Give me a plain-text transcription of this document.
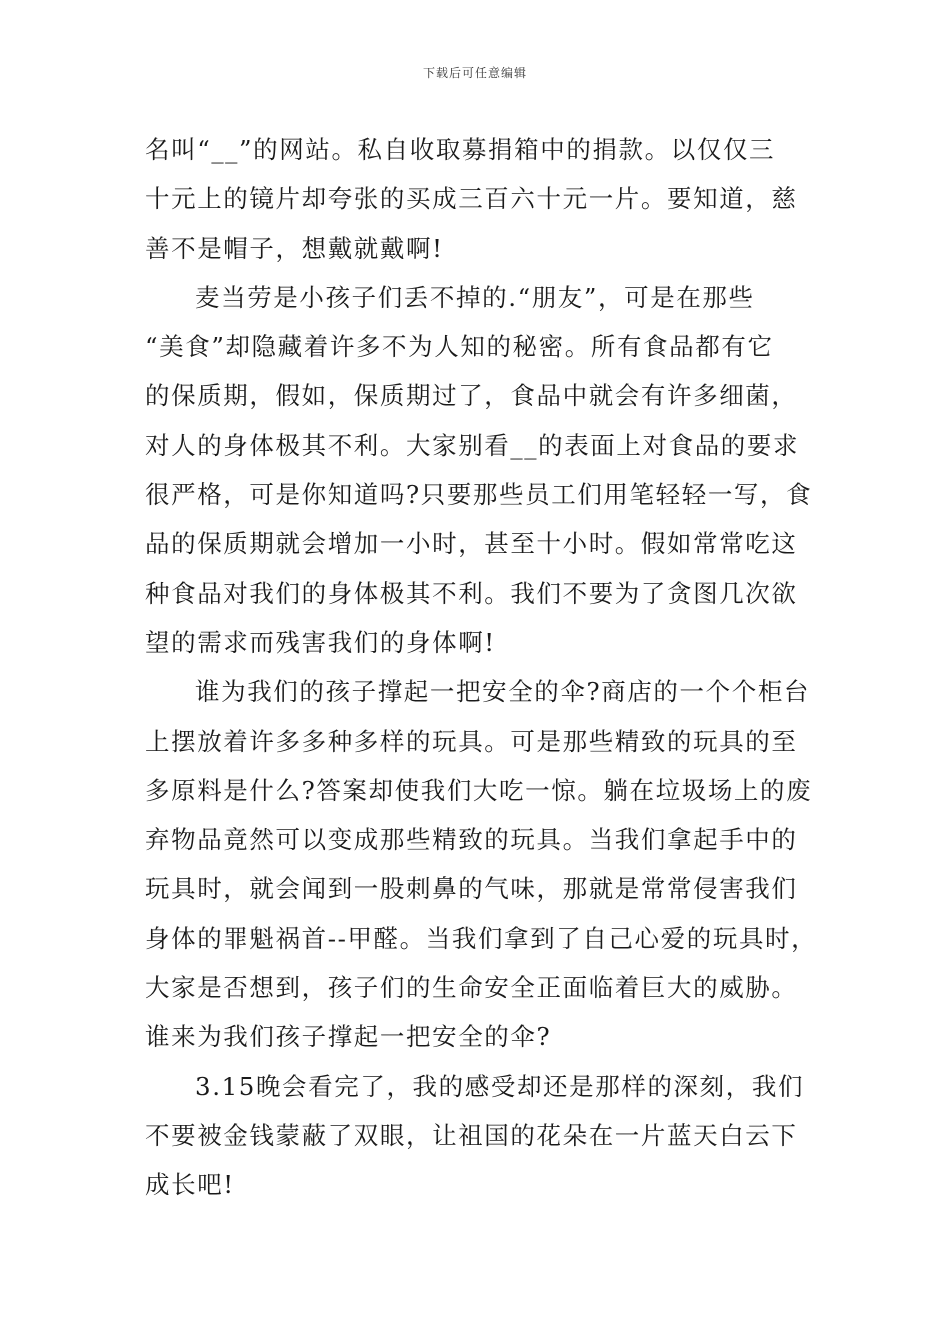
下载后可任意编辑
名叫“__”的网站。私自收取募捐箱中的捐款。以仅仅三
十元上的镜片却夸张的买成三百六十元一片。要知道，慈
善不是帽子，想戴就戴啊!
麦当劳是小孩子们丢不掉的.“朋友”，可是在那些
“美食”却隐藏着许多不为人知的秘密。所有食品都有它
的保质期，假如，保质期过了，食品中就会有许多细菌，
对人的身体极其不利。大家别看__的表面上对食品的要求
很严格，可是你知道吗?只要那些员工们用笔轻轻一写，食
品的保质期就会增加一小时，甚至十小时。假如常常吃这
种食品对我们的身体极其不利。我们不要为了贪图几次欲
望的需求而残害我们的身体啊!
谁为我们的孩子撑起一把安全的伞?商店的一个个柜台
上摆放着许多多种多样的玩具。可是那些精致的玩具的至
多原料是什么?答案却使我们大吃一惊。躺在垃圾场上的废
弃物品竟然可以变成那些精致的玩具。当我们拿起手中的
玩具时，就会闻到一股刺鼻的气味，那就是常常侵害我们
身体的罪魁祸首--甲醛。当我们拿到了自己心爱的玩具时，
大家是否想到，孩子们的生命安全正面临着巨大的威胁。
谁来为我们孩子撑起一把安全的伞?
3.15晚会看完了，我的感受却还是那样的深刻，我们
不要被金钱蒙蔽了双眼，让祖国的花朵在一片蓝天白云下
成长吧!
